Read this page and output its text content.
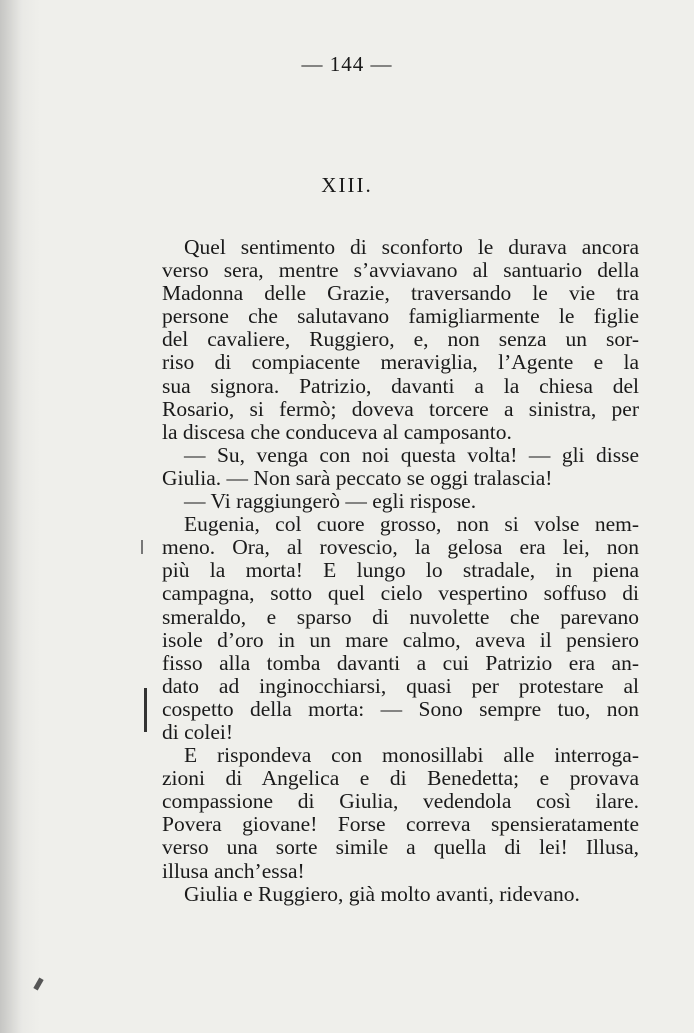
— 144 —
XIII.
Quel sentimento di sconforto le durava ancora
verso sera, mentre s’avviavano al santuario della
Madonna delle Grazie, traversando le vie tra
persone che salutavano famigliarmente le figlie
del cavaliere, Ruggiero, e, non senza un sor-
riso di compiacente meraviglia, l’Agente e la
sua signora. Patrizio, davanti a la chiesa del
Rosario, si fermò; doveva torcere a sinistra, per
la discesa che conduceva al camposanto.
— Su, venga con noi questa volta! — gli disse
Giulia. — Non sarà peccato se oggi tralascia!
— Vi raggiungerò — egli rispose.
Eugenia, col cuore grosso, non si volse nem-
meno. Ora, al rovescio, la gelosa era lei, non
più la morta! E lungo lo stradale, in piena
campagna, sotto quel cielo vespertino soffuso di
smeraldo, e sparso di nuvolette che parevano
isole d’oro in un mare calmo, aveva il pensiero
fisso alla tomba davanti a cui Patrizio era an-
dato ad inginocchiarsi, quasi per protestare al
cospetto della morta: — Sono sempre tuo, non
di colei!
E rispondeva con monosillabi alle interroga-
zioni di Angelica e di Benedetta; e provava
compassione di Giulia, vedendola così ilare.
Povera giovane! Forse correva spensieratamente
verso una sorte simile a quella di lei! Illusa,
illusa anch’essa!
Giulia e Ruggiero, già molto avanti, ridevano.
